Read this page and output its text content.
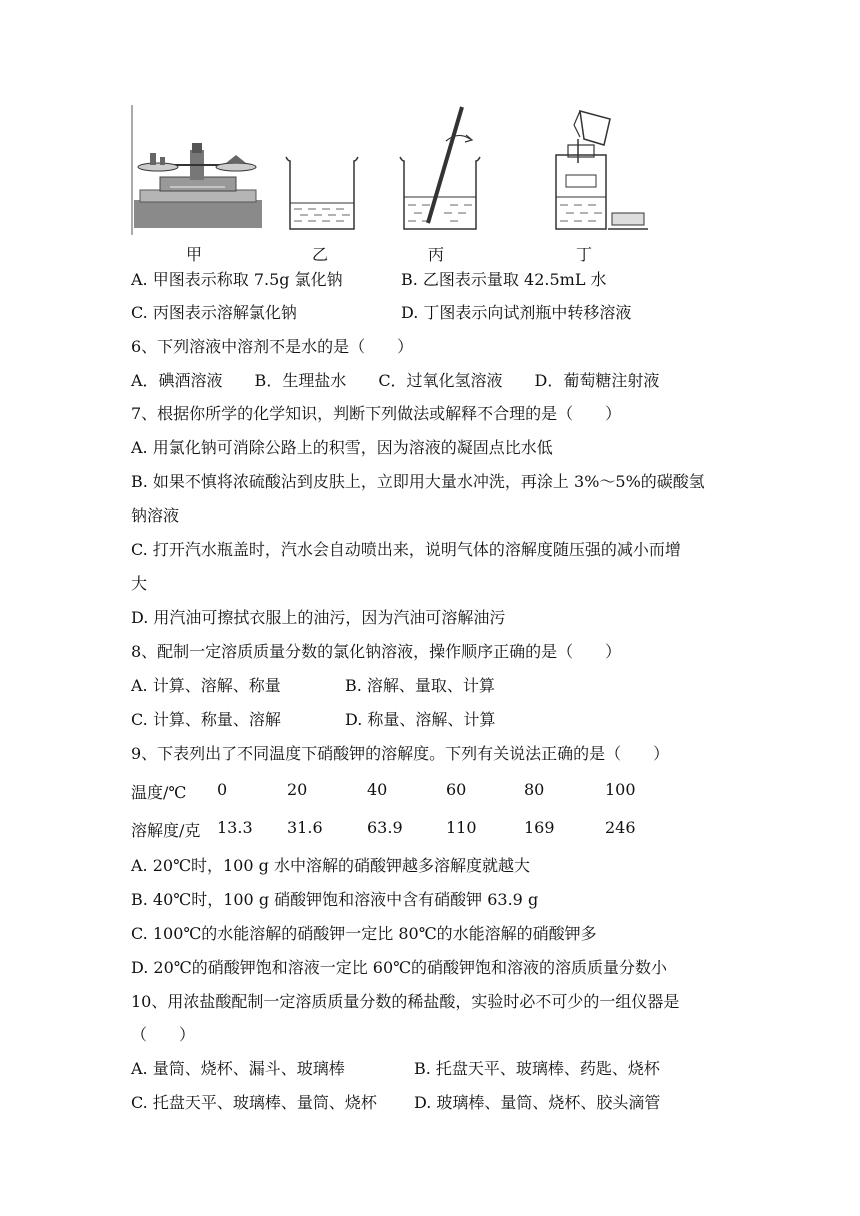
甲	乙	丙	丁
A. 甲图表示称取 7.5g 氯化钠	B. 乙图表示量取 42.5mL 水
C. 丙图表示溶解氯化钠	D. 丁图表示向试剂瓶中转移溶液
6、下列溶液中溶剂不是水的是（　　）
A．碘酒溶液　　B．生理盐水　　C．过氧化氢溶液　　D．葡萄糖注射液
7、根据你所学的化学知识，判断下列做法或解释不合理的是（　　）
A. 用氯化钠可消除公路上的积雪，因为溶液的凝固点比水低
B. 如果不慎将浓硫酸沾到皮肤上，立即用大量水冲洗，再涂上 3%～5%的碳酸氢
钠溶液
C. 打开汽水瓶盖时，汽水会自动喷出来，说明气体的溶解度随压强的减小而增
大
D. 用汽油可擦拭衣服上的油污，因为汽油可溶解油污
8、配制一定溶质质量分数的氯化钠溶液，操作顺序正确的是（　　）
A. 计算、溶解、称量	B. 溶解、量取、计算
C. 计算、称量、溶解	D. 称量、溶解、计算
9、下表列出了不同温度下硝酸钾的溶解度。下列有关说法正确的是（　　）
温度/℃ 0	20	40	60	80	100
溶解度/克 13.3 31.6	63.9	110	169	246
A. 20℃时，100 g 水中溶解的硝酸钾越多溶解度就越大
B. 40℃时，100 g 硝酸钾饱和溶液中含有硝酸钾 63.9 g
C. 100℃的水能溶解的硝酸钾一定比 80℃的水能溶解的硝酸钾多
D. 20℃的硝酸钾饱和溶液一定比 60℃的硝酸钾饱和溶液的溶质质量分数小
10、用浓盐酸配制一定溶质质量分数的稀盐酸，实验时必不可少的一组仪器是
（　　）
A. 量筒、烧杯、漏斗、玻璃棒	B. 托盘天平、玻璃棒、药匙、烧杯
C. 托盘天平、玻璃棒、量筒、烧杯 D. 玻璃棒、量筒、烧杯、胶头滴管
